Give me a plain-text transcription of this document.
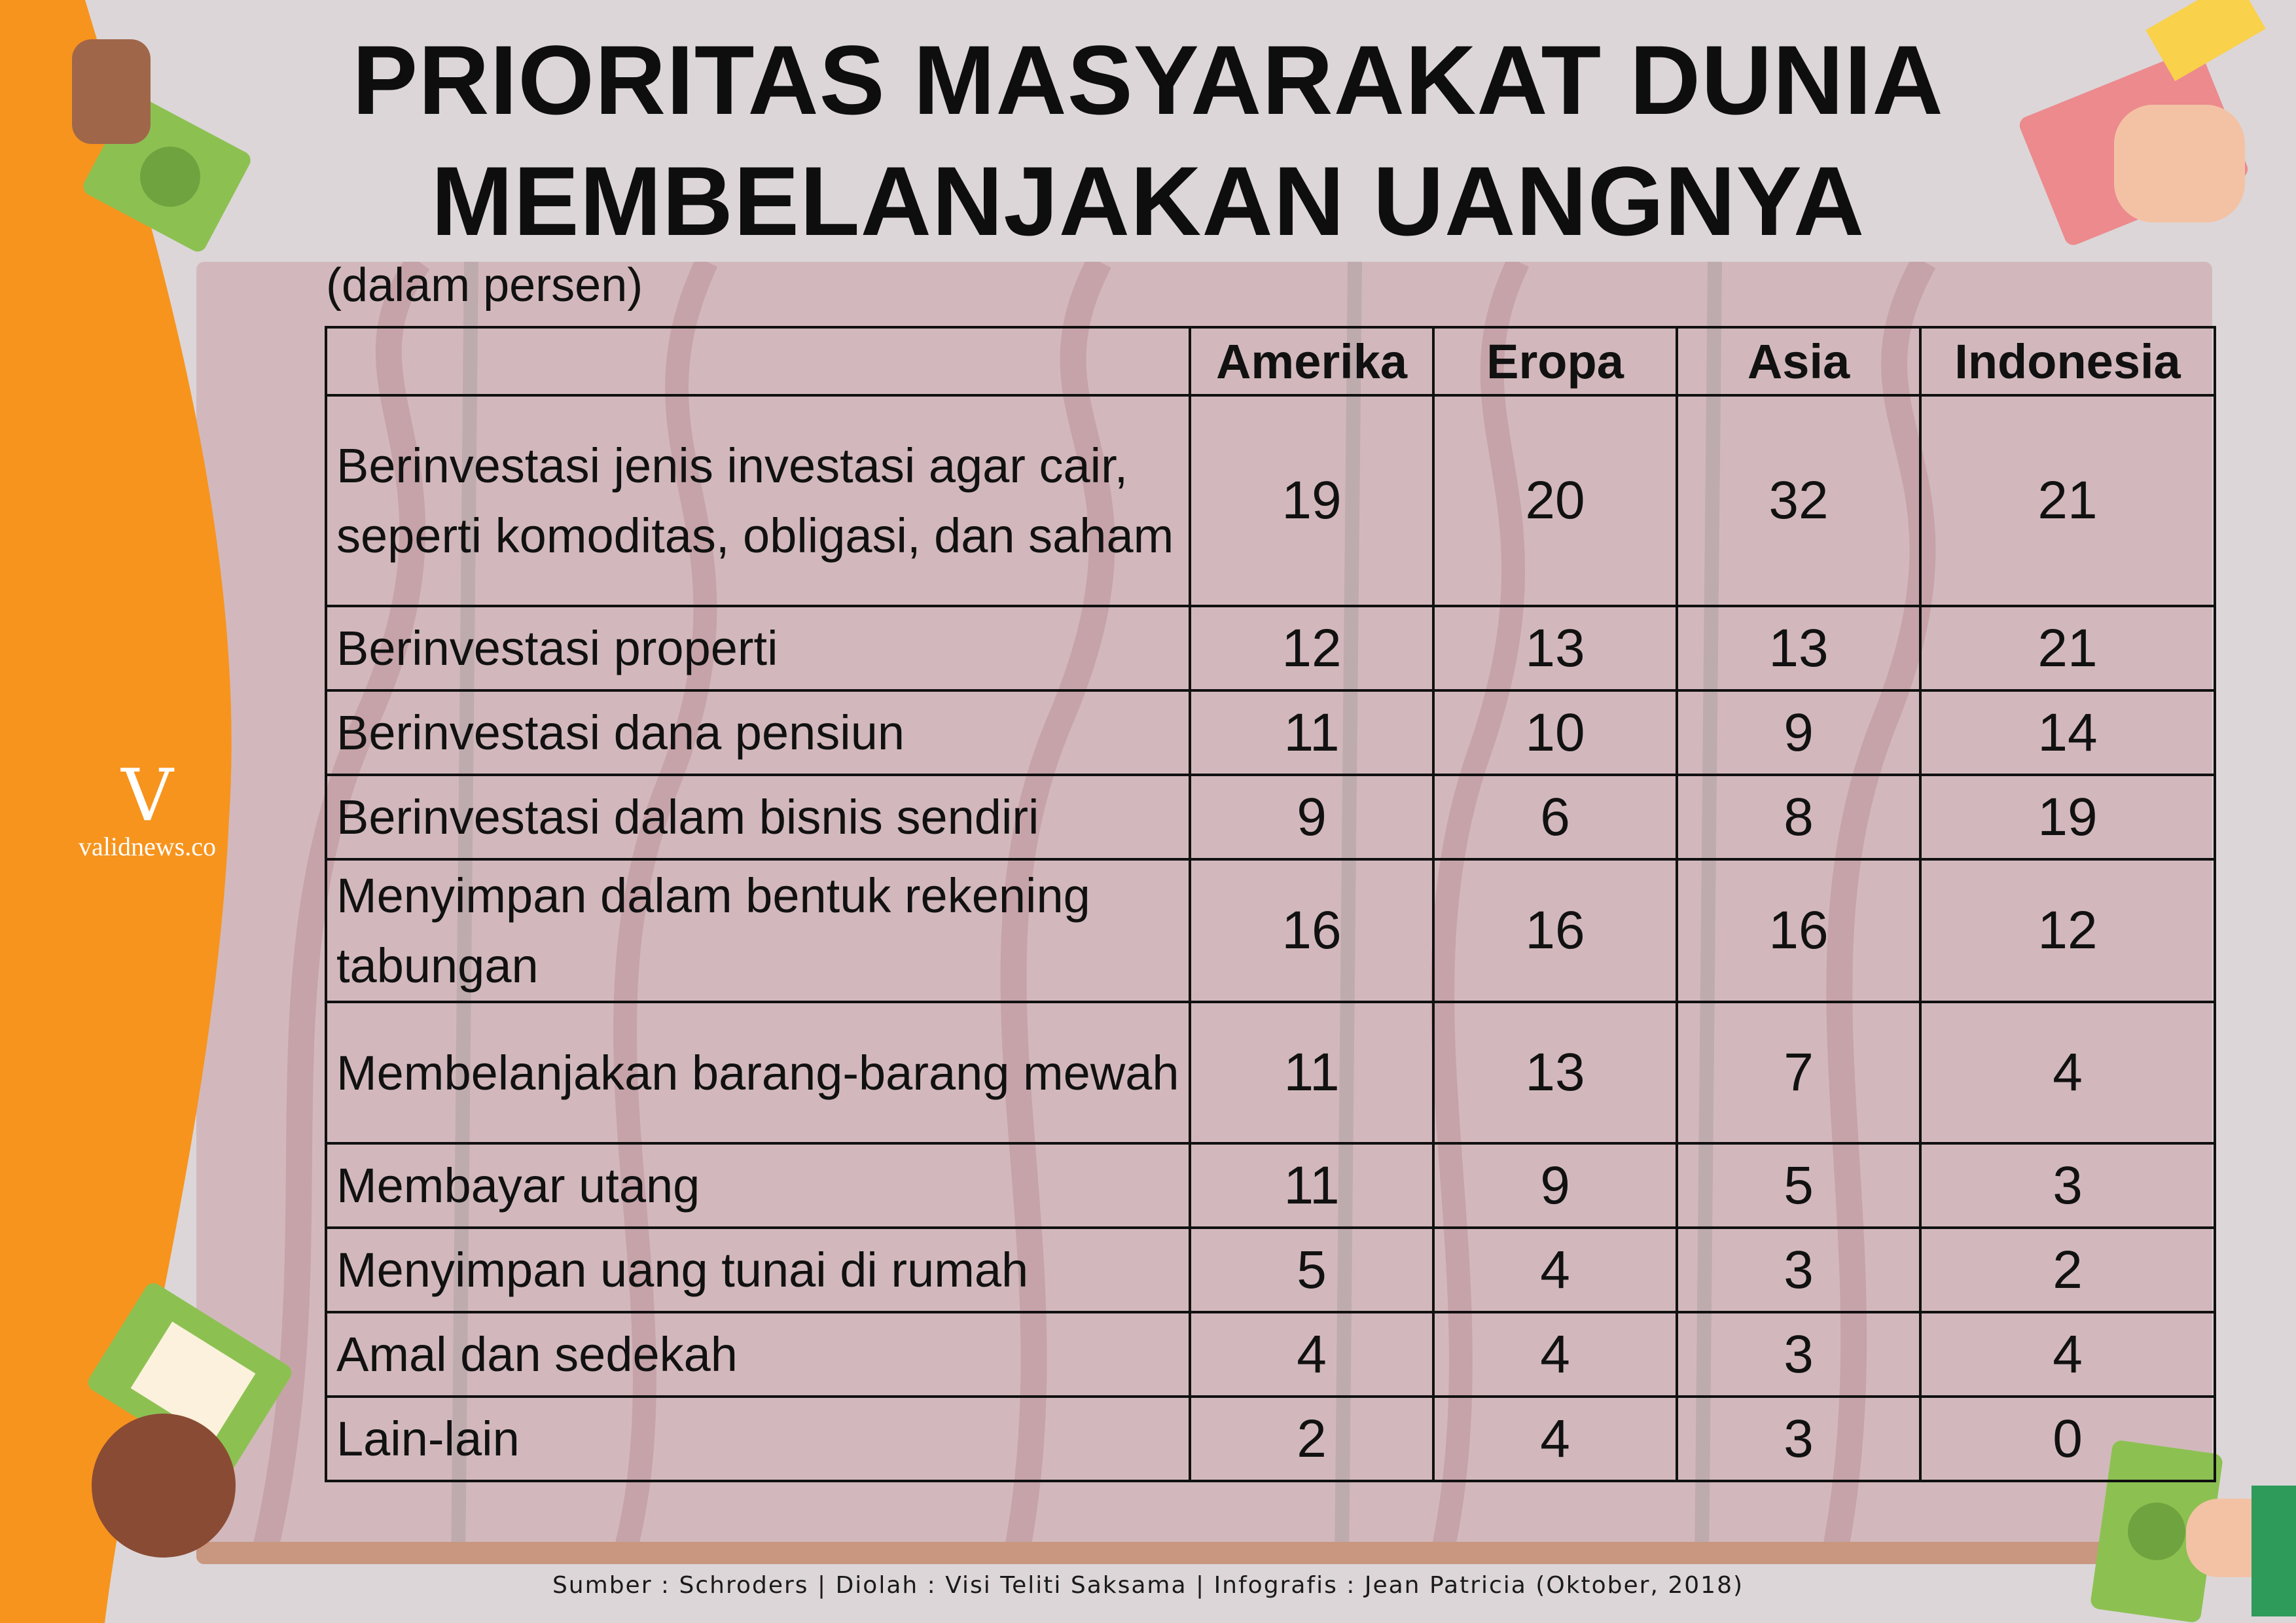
V
validnews.co
PRIORITAS MASYARAKAT DUNIA
MEMBELANJAKAN UANGNYA
(dalam persen)
	Amerika	Eropa	Asia	Indonesia
Berinvestasi jenis investasi agar cair, seperti komoditas, obligasi, dan saham	19	20	32	21
Berinvestasi properti	12	13	13	21
Berinvestasi dana pensiun	11	10	9	14
Berinvestasi dalam bisnis sendiri	9	6	8	19
Menyimpan dalam bentuk rekening tabungan	16	16	16	12
Membelanjakan barang-barang mewah	11	13	7	4
Membayar utang	11	9	5	3
Menyimpan uang tunai di rumah	5	4	3	2
Amal dan sedekah	4	4	3	4
Lain-lain	2	4	3	0
Sumber : Schroders | Diolah : Visi Teliti Saksama | Infografis : Jean Patricia (Oktober, 2018)
